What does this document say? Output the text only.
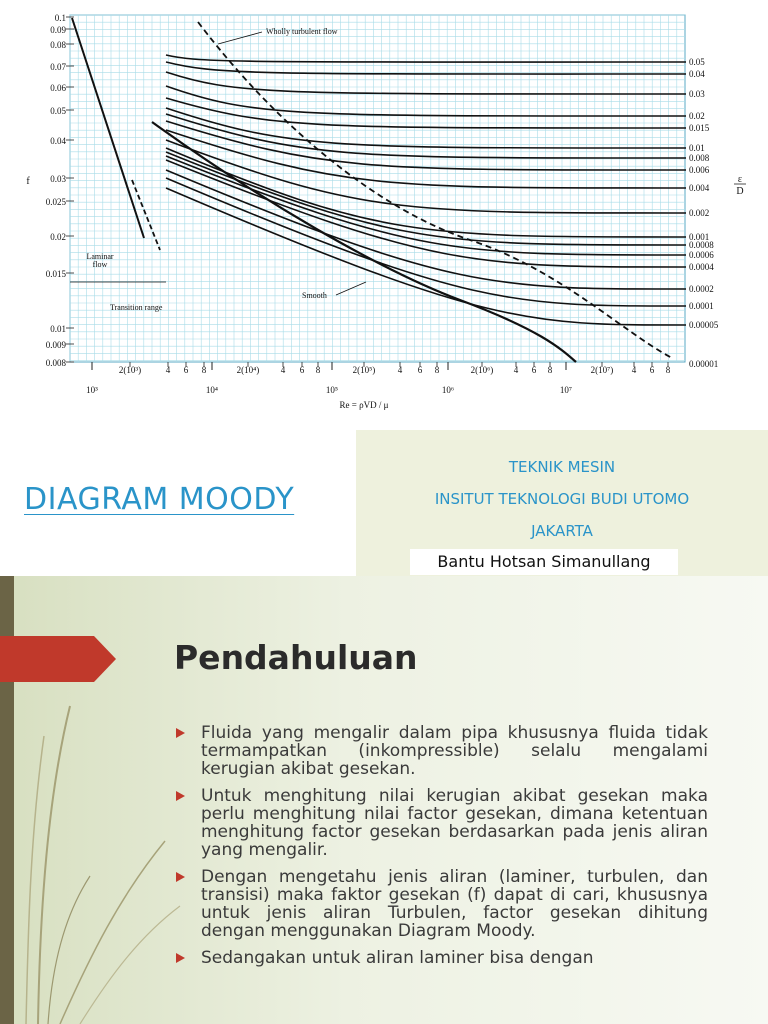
0.1
0.09
0.08
0.07
0.06
0.05
0.04
0.03
0.025
0.02
0.015
0.01
0.009
0.008
f
0.05
0.04
0.03
0.02
0.015
0.01
0.008
0.006
0.004
0.002
0.001
0.0008
0.0006
0.0004
0.0002
0.0001
0.00005
0.00001
ε
D
2(10³)	4 6 8	2(10⁴) 4 6 8	2(10⁵) 4 6 8	2(10⁶) 4 6 8	2(10⁷) 4 6 8
10³	10⁴	10⁵	10⁶	10⁷
Re = ρVD / μ
Wholly turbulent flow
Laminar
flow
Transition range
Smooth
DIAGRAM MOODY
TEKNIK MESIN
INSITUT TEKNOLOGI BUDI UTOMO
JAKARTA
Bantu Hotsan Simanullang
Pendahuluan
Fluida yang mengalir dalam pipa khususnya fluida tidak termampatkan (inkompressible) selalu mengalami kerugian akibat gesekan.
Untuk menghitung nilai kerugian akibat gesekan maka perlu menghitung nilai factor gesekan, dimana ketentuan menghitung factor gesekan berdasarkan pada jenis aliran yang mengalir.
Dengan mengetahu jenis aliran (laminer, turbulen, dan transisi) maka faktor gesekan (f) dapat di cari, khususnya untuk jenis aliran Turbulen, factor gesekan dihitung dengan menggunakan Diagram Moody.
Sedangakan untuk aliran laminer bisa dengan
